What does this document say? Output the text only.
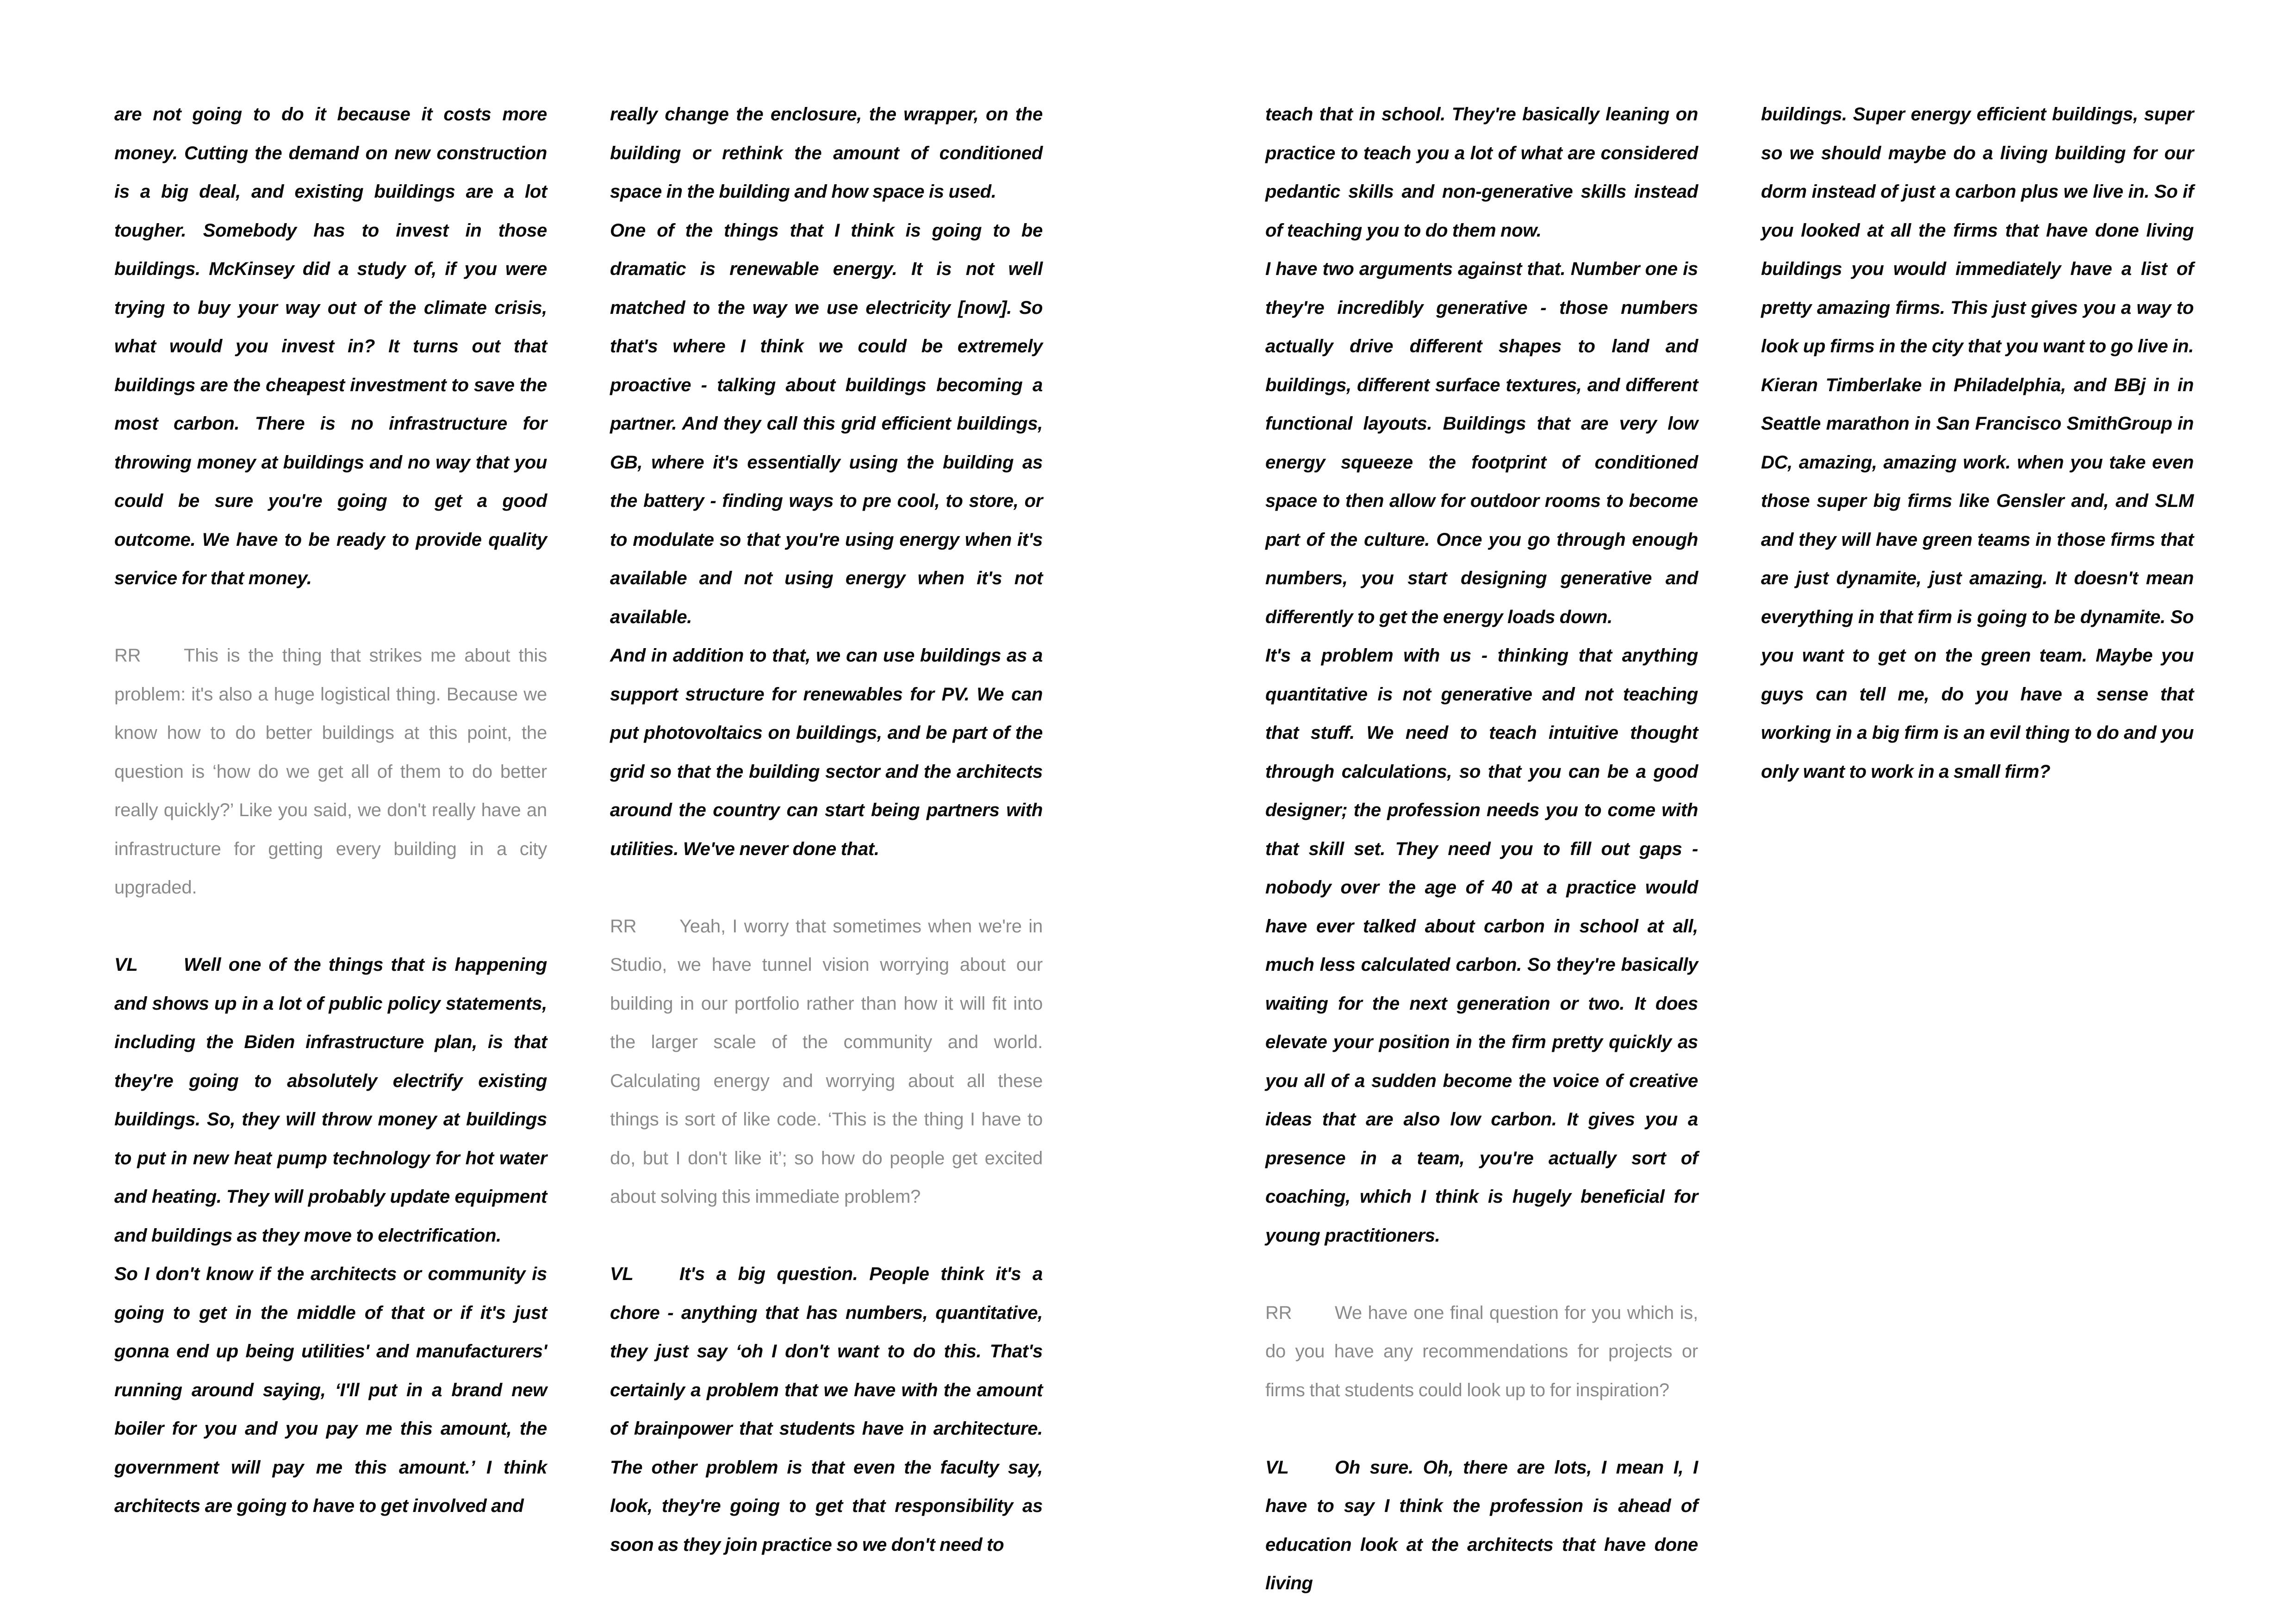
are not going to do it because it costs more money. Cutting the demand on new construction is a big deal, and existing buildings are a lot tougher. Somebody has to invest in those buildings. McKinsey did a study of, if you were trying to buy your way out of the climate crisis, what would you invest in? It turns out that buildings are the cheapest investment to save the most carbon. There is no infrastructure for throwing money at buildings and no way that you could be sure you're going to get a good outcome. We have to be ready to provide quality service for that money.

RR This is the thing that strikes me about this problem: it's also a huge logistical thing. Because we know how to do better buildings at this point, the question is ‘how do we get all of them to do better really quickly?’ Like you said, we don't really have an infrastructure for getting every building in a city upgraded.

VL Well one of the things that is happening and shows up in a lot of public policy statements, including the Biden infrastructure plan, is that they're going to absolutely electrify existing buildings. So, they will throw money at buildings to put in new heat pump technology for hot water and heating. They will probably update equipment and buildings as they move to electrification.

So I don't know if the architects or community is going to get in the middle of that or if it's just gonna end up being utilities' and manufacturers' running around saying, ‘I'll put in a brand new boiler for you and you pay me this amount, the government will pay me this amount.’ I think architects are going to have to get involved and

really change the enclosure, the wrapper, on the building or rethink the amount of conditioned space in the building and how space is used.

One of the things that I think is going to be dramatic is renewable energy. It is not well matched to the way we use electricity [now]. So that's where I think we could be extremely proactive - talking about buildings becoming a partner. And they call this grid efficient buildings, GB, where it's essentially using the building as the battery - finding ways to pre cool, to store, or to modulate so that you're using energy when it's available and not using energy when it's not available.

And in addition to that, we can use buildings as a support structure for renewables for PV. We can put photovoltaics on buildings, and be part of the grid so that the building sector and the architects around the country can start being partners with utilities. We've never done that.

RR Yeah, I worry that sometimes when we're in Studio, we have tunnel vision worrying about our building in our portfolio rather than how it will fit into the larger scale of the community and world. Calculating energy and worrying about all these things is sort of like code. ‘This is the thing I have to do, but I don't like it’; so how do people get excited about solving this immediate problem?

VL It's a big question. People think it's a chore - anything that has numbers, quantitative, they just say ‘oh I don't want to do this. That's certainly a problem that we have with the amount of brainpower that students have in architecture. The other problem is that even the faculty say, look, they're going to get that responsibility as soon as they join practice so we don't need to

teach that in school. They're basically leaning on practice to teach you a lot of what are considered pedantic skills and non-generative skills instead of teaching you to do them now.

I have two arguments against that. Number one is they're incredibly generative - those numbers actually drive different shapes to land and buildings, different surface textures, and different functional layouts. Buildings that are very low energy squeeze the footprint of conditioned space to then allow for outdoor rooms to become part of the culture. Once you go through enough numbers, you start designing generative and differently to get the energy loads down.

It's a problem with us - thinking that anything quantitative is not generative and not teaching that stuff. We need to teach intuitive thought through calculations, so that you can be a good designer; the profession needs you to come with that skill set. They need you to fill out gaps - nobody over the age of 40 at a practice would have ever talked about carbon in school at all, much less calculated carbon. So they're basically waiting for the next generation or two. It does elevate your position in the firm pretty quickly as you all of a sudden become the voice of creative ideas that are also low carbon. It gives you a presence in a team, you're actually sort of coaching, which I think is hugely beneficial for young practitioners.

RR We have one final question for you which is, do you have any recommendations for projects or firms that students could look up to for inspiration?

VL Oh sure. Oh, there are lots, I mean I, I have to say I think the profession is ahead of education look at the architects that have done living

buildings. Super energy efficient buildings, super so we should maybe do a living building for our dorm instead of just a carbon plus we live in. So if you looked at all the firms that have done living buildings you would immediately have a list of pretty amazing firms. This just gives you a way to look up firms in the city that you want to go live in. Kieran Timberlake in Philadelphia, and BBj in in Seattle marathon in San Francisco SmithGroup in DC, amazing, amazing work. when you take even those super big firms like Gensler and, and SLM and they will have green teams in those firms that are just dynamite, just amazing. It doesn't mean everything in that firm is going to be dynamite. So you want to get on the green team. Maybe you guys can tell me, do you have a sense that working in a big firm is an evil thing to do and you only want to work in a small firm?
